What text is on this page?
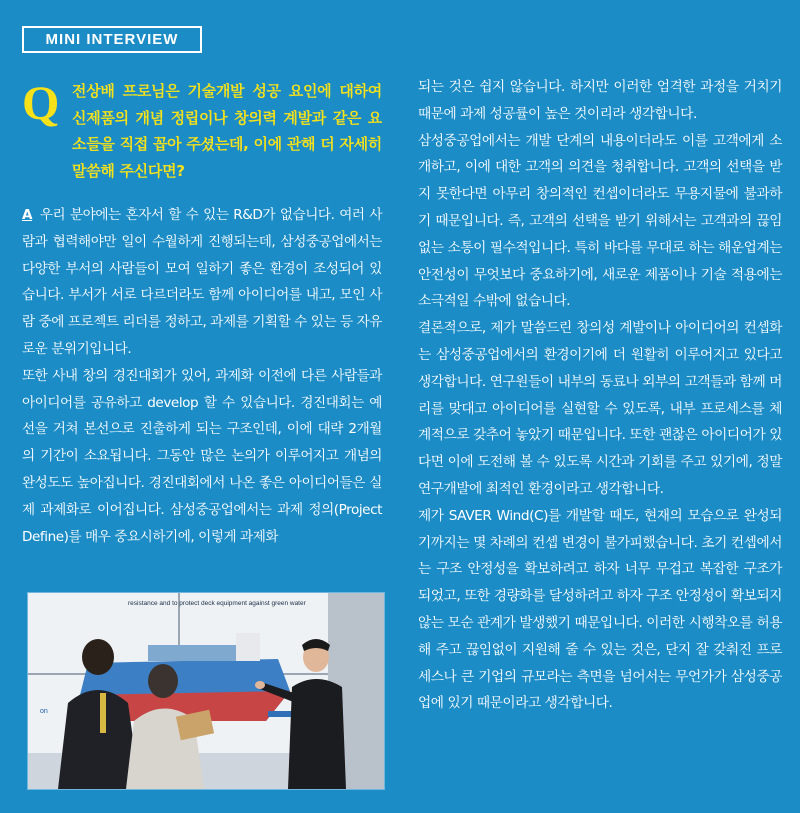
MINI INTERVIEW
Q 전상배 프로님은 기술개발 성공 요인에 대하여 신제품의 개념 정립이나 창의력 계발과 같은 요소들을 직접 꼽아 주셨는데, 이에 관해 더 자세히 말씀해 주신다면?

A 우리 분야에는 혼자서 할 수 있는 R&D가 없습니다. 여러 사람과 협력해야만 일이 수월하게 진행되는데, 삼성중공업에서는 다양한 부서의 사람들이 모여 일하기 좋은 환경이 조성되어 있습니다. 부서가 서로 다르더라도 함께 아이디어를 내고, 모인 사람 중에 프로젝트 리더를 정하고, 과제를 기획할 수 있는 등 자유로운 분위기입니다.

또한 사내 창의 경진대회가 있어, 과제화 이전에 다른 사람들과 아이디어를 공유하고 develop 할 수 있습니다. 경진대회는 예선을 거쳐 본선으로 진출하게 되는 구조인데, 이에 대략 2개월의 기간이 소요됩니다. 그동안 많은 논의가 이루어지고 개념의 완성도도 높아집니다. 경진대회에서 나온 좋은 아이디어들은 실제 과제화로 이어집니다. 삼성중공업에서는 과제 정의(Project Define)를 매우 중요시하기에, 이렇게 과제화

resistance and to protect deck equipment against green water
on

되는 것은 쉽지 않습니다. 하지만 이러한 엄격한 과정을 거치기 때문에 과제 성공률이 높은 것이리라 생각합니다.

삼성중공업에서는 개발 단계의 내용이더라도 이를 고객에게 소개하고, 이에 대한 고객의 의견을 청취합니다. 고객의 선택을 받지 못한다면 아무리 창의적인 컨셉이더라도 무용지물에 불과하기 때문입니다. 즉, 고객의 선택을 받기 위해서는 고객과의 끊임없는 소통이 필수적입니다. 특히 바다를 무대로 하는 해운업계는 안전성이 무엇보다 중요하기에, 새로운 제품이나 기술 적용에는 소극적일 수밖에 없습니다.

결론적으로, 제가 말씀드린 창의성 계발이나 아이디어의 컨셉화는 삼성중공업에서의 환경이기에 더 원활히 이루어지고 있다고 생각합니다. 연구원들이 내부의 동료나 외부의 고객들과 함께 머리를 맞대고 아이디어를 실현할 수 있도록, 내부 프로세스를 체계적으로 갖추어 놓았기 때문입니다. 또한 괜찮은 아이디어가 있다면 이에 도전해 볼 수 있도록 시간과 기회를 주고 있기에, 정말 연구개발에 최적인 환경이라고 생각합니다.

제가 SAVER Wind(C)를 개발할 때도, 현재의 모습으로 완성되기까지는 몇 차례의 컨셉 변경이 불가피했습니다. 초기 컨셉에서는 구조 안정성을 확보하려고 하자 너무 무겁고 복잡한 구조가 되었고, 또한 경량화를 달성하려고 하자 구조 안정성이 확보되지 않는 모순 관계가 발생했기 때문입니다. 이러한 시행착오를 허용해 주고 끊임없이 지원해 줄 수 있는 것은, 단지 잘 갖춰진 프로세스나 큰 기업의 규모라는 측면을 넘어서는 무언가가 삼성중공업에 있기 때문이라고 생각합니다.
